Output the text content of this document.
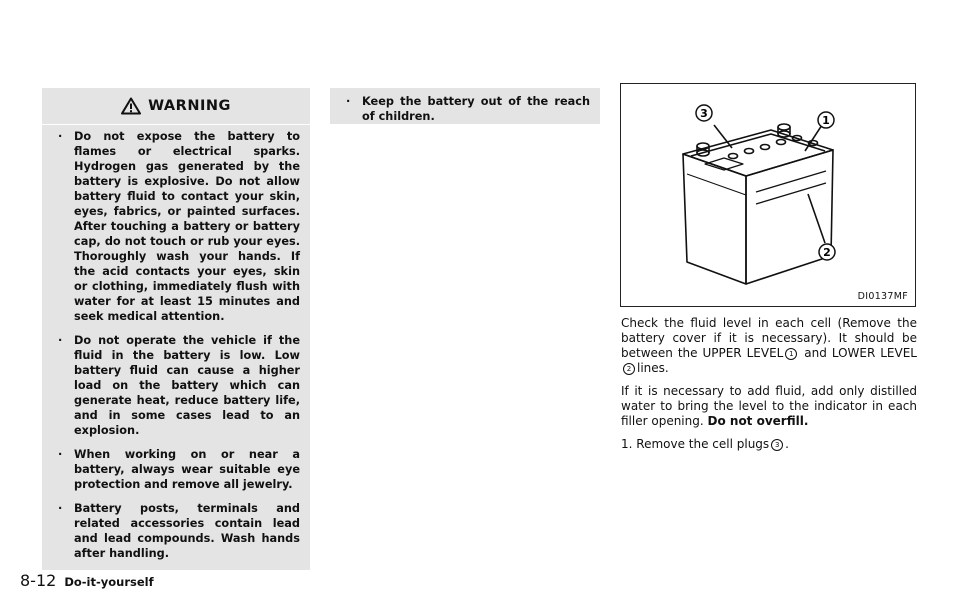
WARNING
. Do not expose the battery to flames or electrical sparks. Hydrogen gas generated by the battery is explosive. Do not allow battery fluid to contact your skin, eyes, fabrics, or painted surfaces. After touching a battery or battery cap, do not touch or rub your eyes. Thoroughly wash your hands. If the acid contacts your eyes, skin or clothing, immediately flush with water for at least 15 minutes and seek medical attention.
. Do not operate the vehicle if the fluid in the battery is low. Low battery fluid can cause a higher load on the battery which can generate heat, reduce battery life, and in some cases lead to an explosion.
. When working on or near a battery, always wear suitable eye protection and remove all jewelry.
. Battery posts, terminals and related accessories contain lead and lead compounds. Wash hands after handling.
. Keep the battery out of the reach of children.	1
2
3
DI0137MF

Check the fluid level in each cell (Remove the battery cover if it is necessary). It should be between the UPPER LEVEL 1 and LOWER LEVEL2 lines.

If it is necessary to add fluid, add only distilled water to bring the level to the indicator in each filler opening. Do not overfill.

1. Remove the cell plugs 3 .

8-12 Do-it-yourself
